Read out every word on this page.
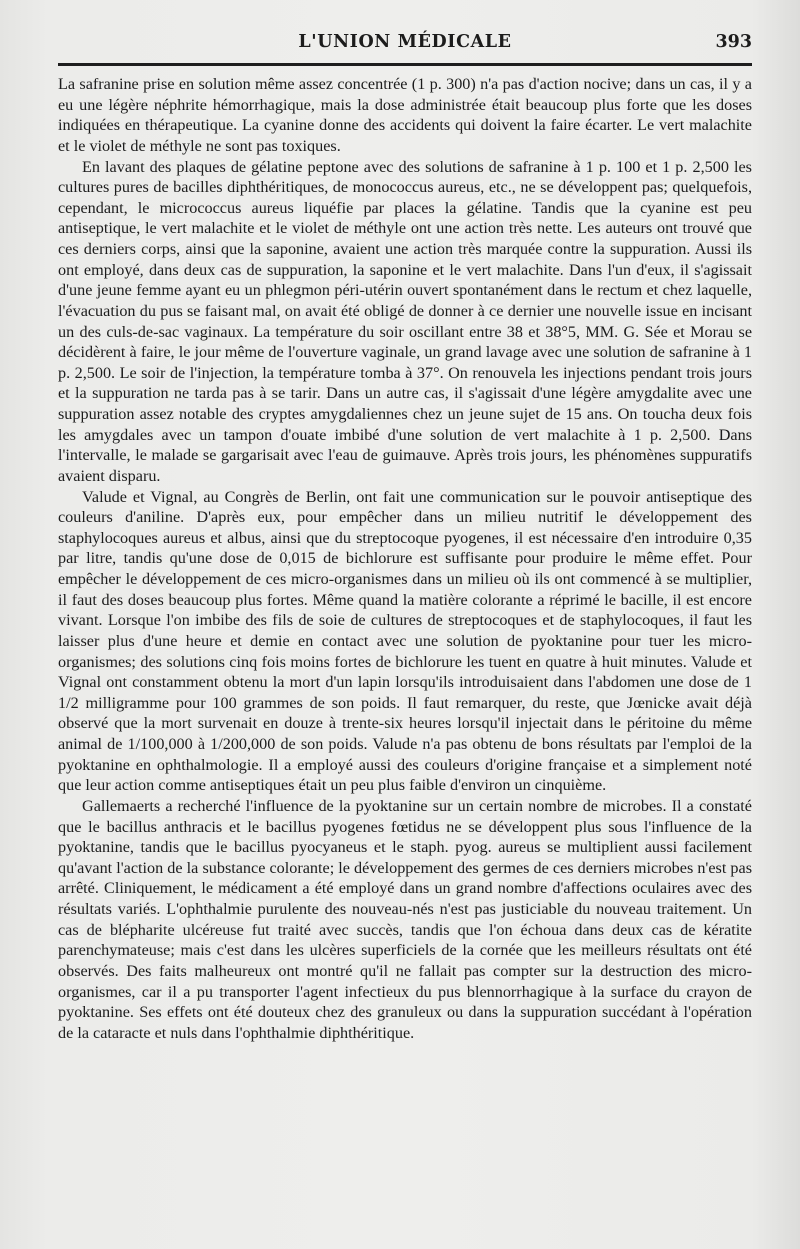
L'UNION MÉDICALE	393

La safranine prise en solution même assez concentrée (1 p. 300) n'a pas d'action nocive; dans un cas, il y a eu une légère néphrite hémorrhagique, mais la dose administrée était beaucoup plus forte que les doses indiquées en thérapeutique. La cyanine donne des accidents qui doivent la faire écarter. Le vert malachite et le violet de méthyle ne sont pas toxiques.

En lavant des plaques de gélatine peptone avec des solutions de safranine à 1 p. 100 et 1 p. 2,500 les cultures pures de bacilles diphthéritiques, de monococcus aureus, etc., ne se développent pas; quelquefois, cependant, le micrococcus aureus liquéfie par places la gélatine. Tandis que la cyanine est peu antiseptique, le vert malachite et le violet de méthyle ont une action très nette. Les auteurs ont trouvé que ces derniers corps, ainsi que la saponine, avaient une action très marquée contre la suppuration. Aussi ils ont employé, dans deux cas de suppuration, la saponine et le vert malachite. Dans l'un d'eux, il s'agissait d'une jeune femme ayant eu un phlegmon péri-utérin ouvert spontanément dans le rectum et chez laquelle, l'évacuation du pus se faisant mal, on avait été obligé de donner à ce dernier une nouvelle issue en incisant un des culs-de-sac vaginaux. La température du soir oscillant entre 38 et 38°5, MM. G. Sée et Morau se décidèrent à faire, le jour même de l'ouverture vaginale, un grand lavage avec une solution de safranine à 1 p. 2,500. Le soir de l'injection, la température tomba à 37°. On renouvela les injections pendant trois jours et la suppuration ne tarda pas à se tarir. Dans un autre cas, il s'agissait d'une légère amygdalite avec une suppuration assez notable des cryptes amygdaliennes chez un jeune sujet de 15 ans. On toucha deux fois les amygdales avec un tampon d'ouate imbibé d'une solution de vert malachite à 1 p. 2,500. Dans l'intervalle, le malade se gargarisait avec l'eau de guimauve. Après trois jours, les phénomènes suppuratifs avaient disparu.

Valude et Vignal, au Congrès de Berlin, ont fait une communication sur le pouvoir antiseptique des couleurs d'aniline. D'après eux, pour empêcher dans un milieu nutritif le développement des staphylocoques aureus et albus, ainsi que du streptocoque pyogenes, il est nécessaire d'en introduire 0,35 par litre, tandis qu'une dose de 0,015 de bichlorure est suffisante pour produire le même effet. Pour empêcher le développement de ces micro-organismes dans un milieu où ils ont commencé à se multiplier, il faut des doses beaucoup plus fortes. Même quand la matière colorante a réprimé le bacille, il est encore vivant. Lorsque l'on imbibe des fils de soie de cultures de streptocoques et de staphylocoques, il faut les laisser plus d'une heure et demie en contact avec une solution de pyoktanine pour tuer les micro-organismes; des solutions cinq fois moins fortes de bichlorure les tuent en quatre à huit minutes. Valude et Vignal ont constamment obtenu la mort d'un lapin lorsqu'ils introduisaient dans l'abdomen une dose de 1 1/2 milligramme pour 100 grammes de son poids. Il faut remarquer, du reste, que Jœnicke avait déjà observé que la mort survenait en douze à trente-six heures lorsqu'il injectait dans le péritoine du même animal de 1/100,000 à 1/200,000 de son poids. Valude n'a pas obtenu de bons résultats par l'emploi de la pyoktanine en ophthalmologie. Il a employé aussi des couleurs d'origine française et a simplement noté que leur action comme antiseptiques était un peu plus faible d'environ un cinquième.

Gallemaerts a recherché l'influence de la pyoktanine sur un certain nombre de microbes. Il a constaté que le bacillus anthracis et le bacillus pyogenes fœtidus ne se développent plus sous l'influence de la pyoktanine, tandis que le bacillus pyocyaneus et le staph. pyog. aureus se multiplient aussi facilement qu'avant l'action de la substance colorante; le développement des germes de ces derniers microbes n'est pas arrêté. Cliniquement, le médicament a été employé dans un grand nombre d'affections oculaires avec des résultats variés. L'ophthalmie purulente des nouveau-nés n'est pas justiciable du nouveau traitement. Un cas de blépharite ulcéreuse fut traité avec succès, tandis que l'on échoua dans deux cas de kératite parenchymateuse; mais c'est dans les ulcères superficiels de la cornée que les meilleurs résultats ont été observés. Des faits malheureux ont montré qu'il ne fallait pas compter sur la destruction des micro-organismes, car il a pu transporter l'agent infectieux du pus blennorrhagique à la surface du crayon de pyoktanine. Ses effets ont été douteux chez des granuleux ou dans la suppuration succédant à l'opération de la cataracte et nuls dans l'ophthalmie diphthéritique.
